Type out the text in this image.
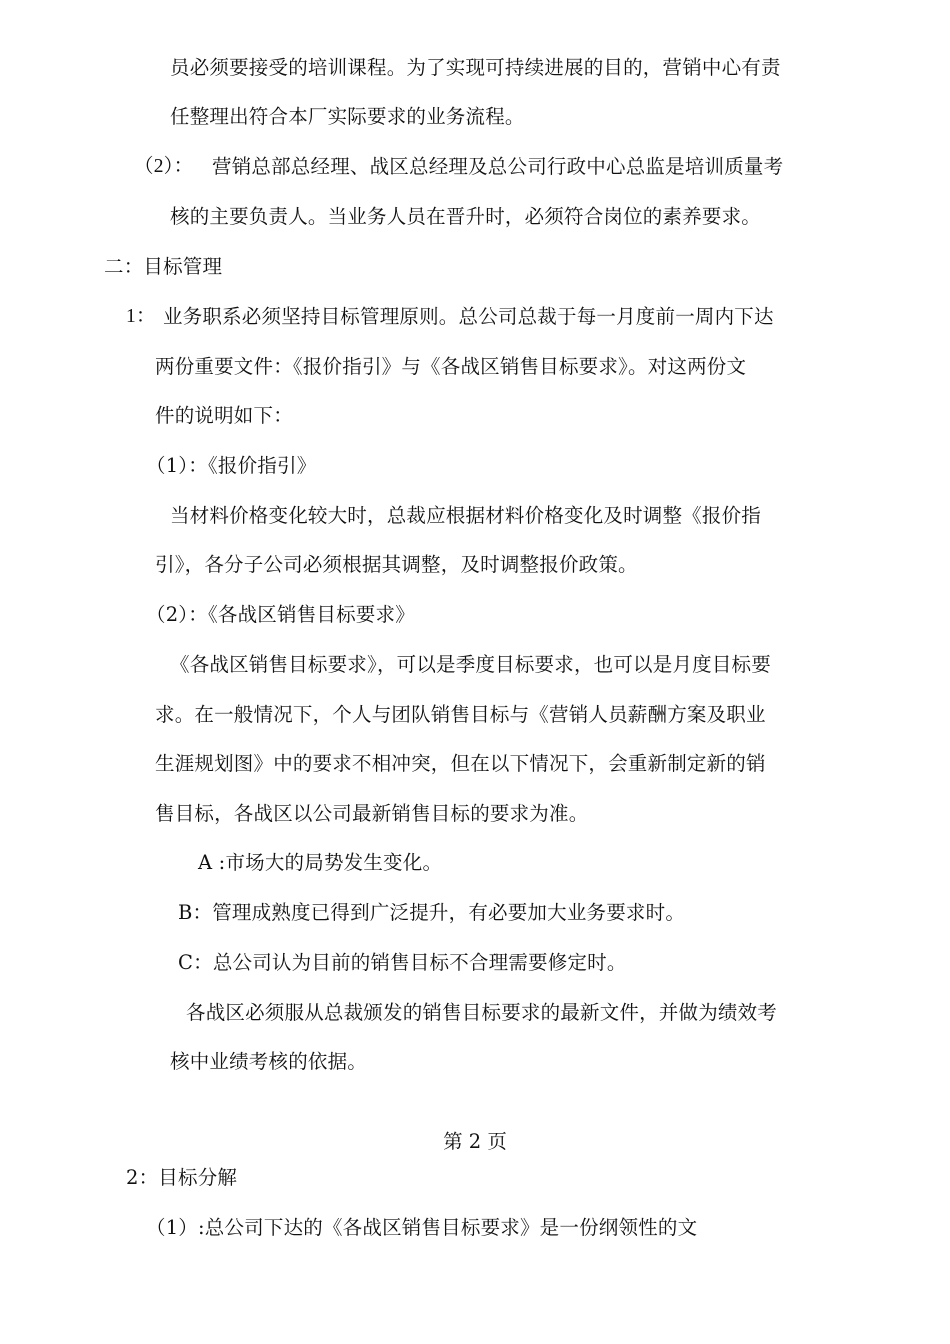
员必须要接受的培训课程。为了实现可持续进展的目的，营销中心有责
任整理出符合本厂实际要求的业务流程。
（2）： 营销总部总经理、战区总经理及总公司行政中心总监是培训质量考
核的主要负责人。当业务人员在晋升时，必须符合岗位的素养要求。
二：目标管理
1： 业务职系必须坚持目标管理原则。总公司总裁于每一月度前一周内下达
两份重要文件：《报价指引》与《各战区销售目标要求》。对这两份文
件的说明如下：
（1）：《报价指引》
当材料价格变化较大时，总裁应根据材料价格变化及时调整《报价指
引》，各分子公司必须根据其调整，及时调整报价政策。
（2）：《各战区销售目标要求》
《各战区销售目标要求》，可以是季度目标要求，也可以是月度目标要
求。在一般情况下，个人与团队销售目标与《营销人员薪酬方案及职业
生涯规划图》中的要求不相冲突，但在以下情况下，会重新制定新的销
售目标，各战区以公司最新销售目标的要求为准。
A :市场大的局势发生变化。
B：管理成熟度已得到广泛提升，有必要加大业务要求时。
C：总公司认为目前的销售目标不合理需要修定时。
各战区必须服从总裁颁发的销售目标要求的最新文件，并做为绩效考
核中业绩考核的依据。
第 2 页
2：目标分解
（1）:总公司下达的《各战区销售目标要求》是一份纲领性的文
